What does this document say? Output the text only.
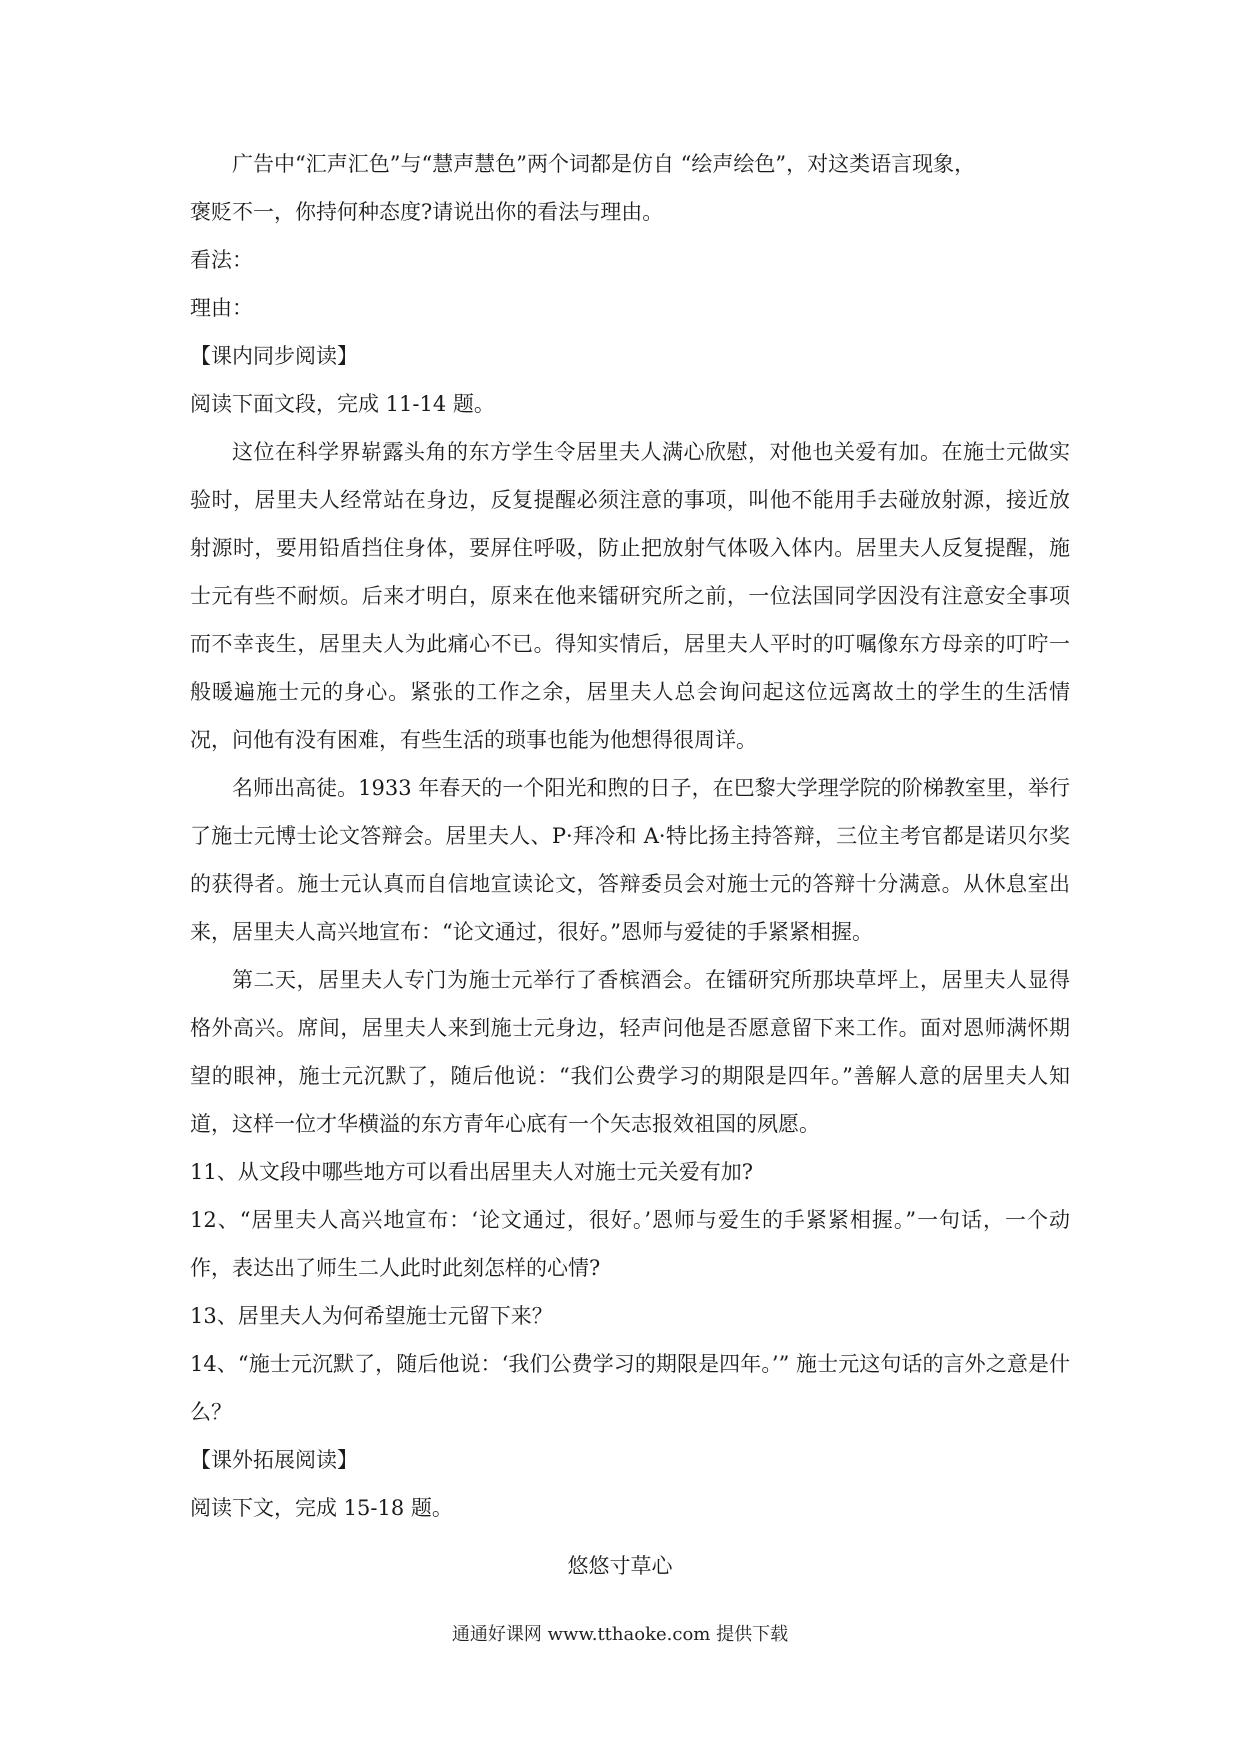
广告中“汇声汇色”与“慧声慧色”两个词都是仿自 “绘声绘色”，对这类语言现象，

褒贬不一，你持何种态度?请说出你的看法与理由。

看法：

理由：

【课内同步阅读】

阅读下面文段，完成 11-14 题。

这位在科学界崭露头角的东方学生令居里夫人满心欣慰，对他也关爱有加。在施士元做实验时，居里夫人经常站在身边，反复提醒必须注意的事项，叫他不能用手去碰放射源，接近放射源时，要用铅盾挡住身体，要屏住呼吸，防止把放射气体吸入体内。居里夫人反复提醒，施士元有些不耐烦。后来才明白，原来在他来镭研究所之前，一位法国同学因没有注意安全事项而不幸丧生，居里夫人为此痛心不已。得知实情后，居里夫人平时的叮嘱像东方母亲的叮咛一般暖遍施士元的身心。紧张的工作之余，居里夫人总会询问起这位远离故土的学生的生活情况，问他有没有困难，有些生活的琐事也能为他想得很周详。

名师出高徒。1933 年春天的一个阳光和煦的日子，在巴黎大学理学院的阶梯教室里，举行了施士元博士论文答辩会。居里夫人、P·拜冷和 A·特比扬主持答辩，三位主考官都是诺贝尔奖的获得者。施士元认真而自信地宣读论文，答辩委员会对施士元的答辩十分满意。从休息室出来，居里夫人高兴地宣布：“论文通过，很好。”恩师与爱徒的手紧紧相握。

第二天，居里夫人专门为施士元举行了香槟酒会。在镭研究所那块草坪上，居里夫人显得格外高兴。席间，居里夫人来到施士元身边，轻声问他是否愿意留下来工作。面对恩师满怀期望的眼神，施士元沉默了，随后他说：“我们公费学习的期限是四年。”善解人意的居里夫人知道，这样一位才华横溢的东方青年心底有一个矢志报效祖国的夙愿。

11、从文段中哪些地方可以看出居里夫人对施士元关爱有加?

12、“居里夫人高兴地宣布：‘论文通过，很好。’恩师与爱生的手紧紧相握。”一句话，一个动作，表达出了师生二人此时此刻怎样的心情?

13、居里夫人为何希望施士元留下来？

14、“施士元沉默了，随后他说：‘我们公费学习的期限是四年。’” 施士元这句话的言外之意是什么？

【课外拓展阅读】

阅读下文，完成 15-18 题。

悠悠寸草心
通通好课网 www.tthaoke.com 提供下载
